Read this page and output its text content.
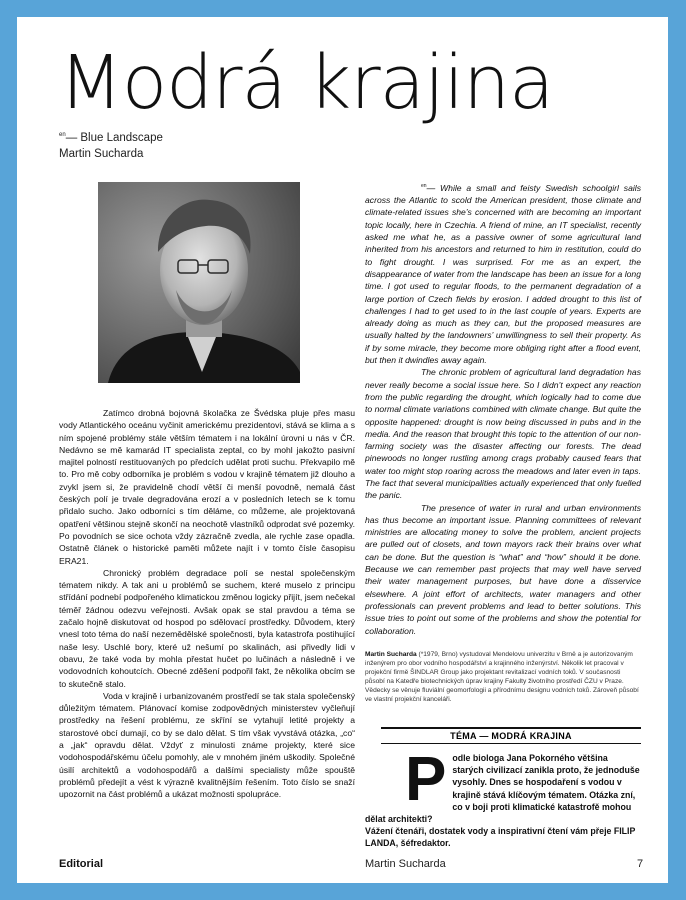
Modrá krajina
$^{en}$— Blue Landscape
Martin Sucharda

Zatímco drobná bojovná školačka ze Švédska pluje přes masu vody Atlantického oceánu vyčinit americkému prezidentovi, stává se klima a s ním spojené problémy stále větším tématem i na lokální úrovni u nás v ČR. Nedávno se mě kamarád IT specialista zeptal, co by mohl jakožto pasivní majitel polností restituovaných po předcích udělat proti suchu. Překvapilo mě to. Pro mě coby odborníka je problém s vodou v krajině tématem již dlouho a zvykl jsem si, že pravidelně chodí větší či menší povodně, nemalá část českých polí je trvale degradována erozí a v posledních letech se k tomu přidalo sucho. Jako odborníci s tím děláme, co můžeme, ale projektovaná opatření většinou stejně skončí na neochotě vlastníků odprodat své pozemky. Po povodních se sice ochota vždy zázračně zvedla, ale rychle zase opadla. Ostatně článek o historické paměti můžete najít i v tomto čísle časopisu ERA21.

Chronický problém degradace polí se nestal společenským tématem nikdy. A tak ani u problémů se suchem, které muselo z principu střídání podnebí podpořeného klimatickou změnou logicky přijít, jsem nečekal téměř žádnou odezvu veřejnosti. Avšak opak se stal pravdou a téma se začalo hojně diskutovat od hospod po sdělovací prostředky. Důvodem, který vnesl toto téma do naší nezemědělské společnosti, byla katastrofa postihující naše lesy. Uschlé bory, které už nešumí po skalinách, asi přivedly lidi v obavu, že také voda by mohla přestat hučet po lučinách a následně i ve vodovodních kohoutcích. Obecné zděšení podpořil fakt, že několika obcím se to skutečně stalo.

Voda v krajině i urbanizovaném prostředí se tak stala společenský důležitým tématem. Plánovací komise zodpovědných ministerstev vyčleňují prostředky na řešení problému, ze skříní se vytahují letité projekty a starostové obcí dumají, co by se dalo dělat. S tím však vyvstává otázka, „co“ a „jak“ opravdu dělat. Vždyť z minulosti známe projekty, které sice vodohospodářskému účelu pomohly, ale v mnohém jiném uškodily. Společné úsilí architektů a vodohospodářů a dalšími specialisty může spouště problémů předejít a vést k výrazně kvalitnějším řešením. Toto číslo se snaží upozornit na část problémů a ukázat možnosti spolupráce.

$^{en}$— While a small and feisty Swedish schoolgirl sails across the Atlantic to scold the American president, those climate and climate-related issues she’s concerned with are becoming an important topic locally, here in Czechia. A friend of mine, an IT specialist, recently asked me what he, as a passive owner of some agricultural land inherited from his ancestors and returned to him in restitution, could do to fight drought. I was surprised. For me as an expert, the disappearance of water from the landscape has been an issue for a long time. I got used to regular floods, to the permanent degradation of a large portion of Czech fields by erosion. I added drought to this list of challenges I had to get used to in the last couple of years. Experts are already doing as much as they can, but the proposed measures are usually halted by the landowners’ unwillingness to sell their property. As if by some miracle, they become more obliging right after a flood event, but then it dwindles away again.

The chronic problem of agricultural land degradation has never really become a social issue here. So I didn’t expect any reaction from the public regarding the drought, which logically had to come due to normal climate variations combined with climate change. But quite the opposite happened: drought is now being discussed in pubs and in the media. And the reason that brought this topic to the attention of our non-farming society was the disaster affecting our forests. The dead pinewoods no longer rustling among crags probably caused fears that water too might stop roaring across the meadows and later even in taps. The fact that several municipalities actually experienced that only fuelled the panic.

The presence of water in rural and urban environments has thus become an important issue. Planning committees of relevant ministries are allocating money to solve the problem, ancient projects are pulled out of closets, and town mayors rack their brains over what can be done. But the question is “what” and “how” should it be done. Because we can remember past projects that may well have served their water management purposes, but have done a disservice elsewhere. A joint effort of architects, water managers and other professionals can prevent problems and lead to better solutions. This issue tries to point out some of the problems and show the potential for collaboration.

Martin Sucharda (*1979, Brno) vystudoval Mendelovu univerzitu v Brně a je autorizovaným inženýrem pro obor vodního hospodářství a krajinného inženýrství. Několik let pracoval v projekční firmě ŠINDLAR Group jako projektant revitalizací vodních toků. V současnosti působí na Katedře biotechnických úprav krajiny Fakulty životního prostředí ČZU v Praze. Vědecky se věnuje fluviální geomorfologii a přírodnímu designu vodních toků. Zároveň působí ve vlastní projekční kanceláři.
TÉMA — MODRÁ KRAJINA
P odle biologa Jana Pokorného většina starých civilizací zanikla proto, že jednoduše vysohly. Dnes se hospodaření s vodou v krajině stává klíčovým tématem. Otázka zní, co v boji proti klimatické katastrofě mohou dělat architekti?
Vážení čtenáři, dostatek vody a inspirativní čtení vám přeje FILIP LANDA, šéfredaktor.
Editorial	Martin Sucharda	7
